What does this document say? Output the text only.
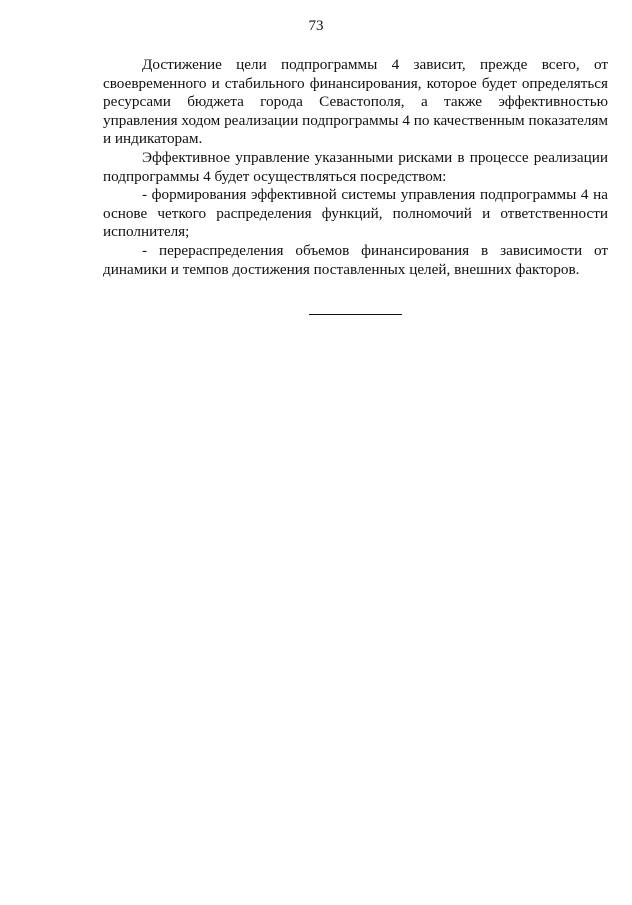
73

Достижение цели подпрограммы 4 зависит, прежде всего, от своевременного и стабильного финансирования, которое будет определяться ресурсами бюджета города Севастополя, а также эффективностью управления ходом реализации подпрограммы 4 по качественным показателям и индикаторам.

Эффективное управление указанными рисками в процессе реализации подпрограммы 4 будет осуществляться посредством:

- формирования эффективной системы управления подпрограммы 4 на основе четкого распределения функций, полномочий и ответственности исполнителя;

- перераспределения объемов финансирования в зависимости от динамики и темпов достижения поставленных целей, внешних факторов.
